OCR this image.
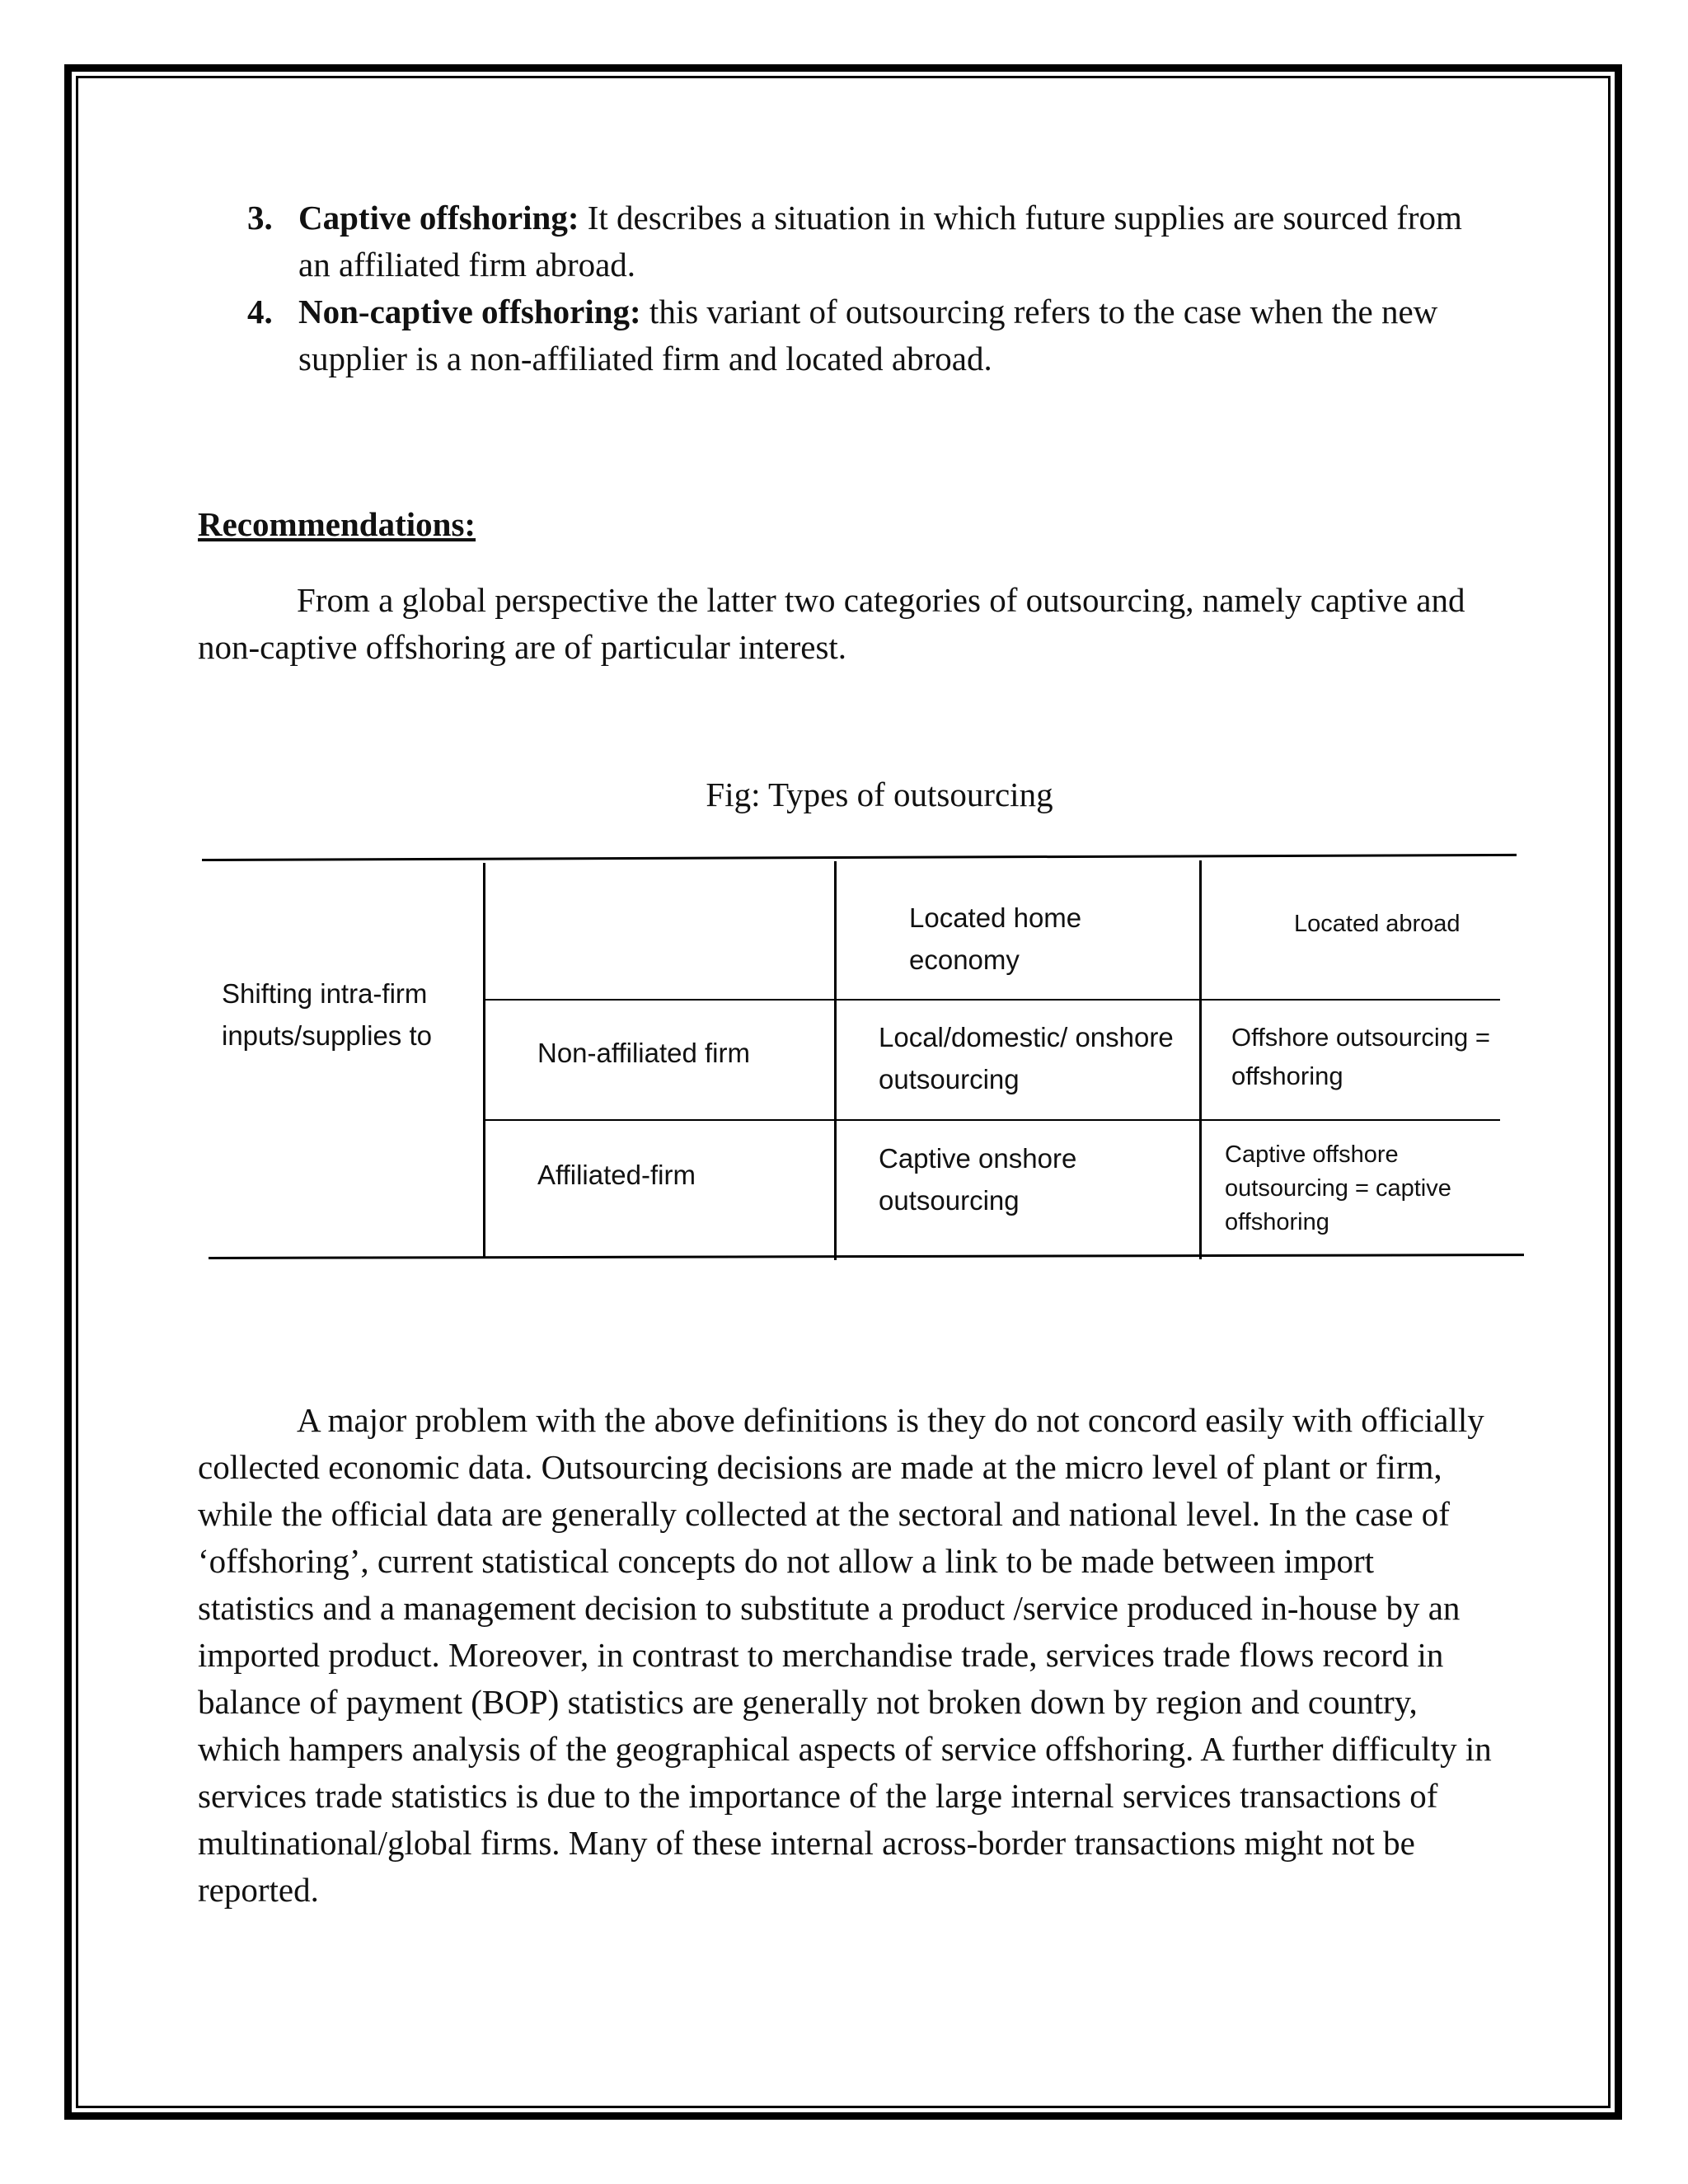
3. Captive offshoring: It describes a situation in which future supplies are sourced from an affiliated firm abroad.
4. Non-captive offshoring: this variant of outsourcing refers to the case when the new supplier is a non-affiliated firm and located abroad.
Recommendations:
From a global perspective the latter two categories of outsourcing, namely captive and non-captive offshoring are of particular interest.
Fig: Types of outsourcing
Shifting intra-firm inputs/supplies to
Located home economy
Located abroad
Non-affiliated firm
Local/domestic/ onshore outsourcing
Offshore outsourcing = offshoring
Affiliated-firm
Captive onshore outsourcing
Captive offshore outsourcing = captive offshoring
A major problem with the above definitions is they do not concord easily with officially collected economic data. Outsourcing decisions are made at the micro level of plant or firm, while the official data are generally collected at the sectoral and national level. In the case of ‘offshoring’, current statistical concepts do not allow a link to be made between import statistics and a management decision to substitute a product /service produced in-house by an imported product. Moreover, in contrast to merchandise trade, services trade flows record in balance of payment (BOP) statistics are generally not broken down by region and country, which hampers analysis of the geographical aspects of service offshoring. A further difficulty in services trade statistics is due to the importance of the large internal services transactions of multinational/global firms. Many of these internal across-border transactions might not be reported.
